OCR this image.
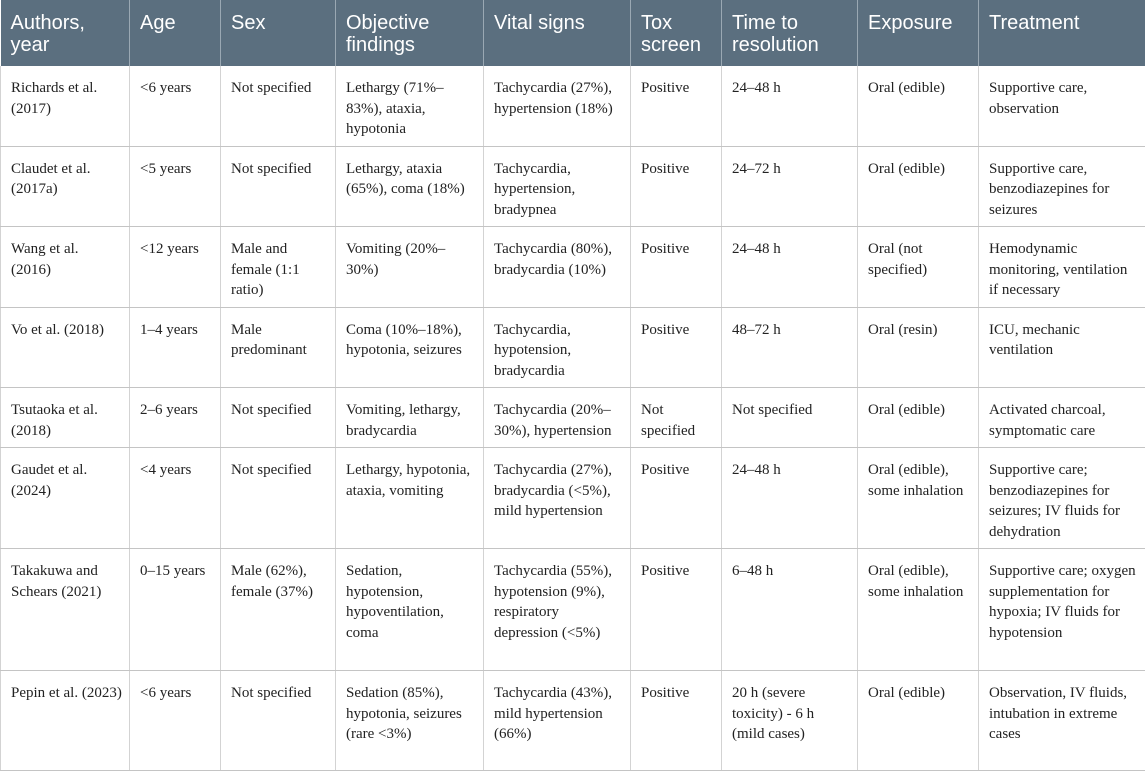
Authors, year	Age	Sex	Objective findings	Vital signs	Tox screen	Time to resolution	Exposure	Treatment
Richards et al. (2017)	<6 years	Not specified	Lethargy (71%–83%), ataxia, hypotonia	Tachycardia (27%), hypertension (18%)	Positive	24–48 h	Oral (edible)	Supportive care, observation
Claudet et al. (2017a)	<5 years	Not specified	Lethargy, ataxia (65%), coma (18%)	Tachycardia, hypertension, bradypnea	Positive	24–72 h	Oral (edible)	Supportive care, benzodiazepines for seizures
Wang et al. (2016)	<12 years	Male and female (1:1 ratio)	Vomiting (20%–30%)	Tachycardia (80%), bradycardia (10%)	Positive	24–48 h	Oral (not specified)	Hemodynamic monitoring, ventilation if necessary
Vo et al. (2018)	1–4 years	Male predominant	Coma (10%–18%), hypotonia, seizures	Tachycardia, hypotension, bradycardia	Positive	48–72 h	Oral (resin)	ICU, mechanic ventilation
Tsutaoka et al. (2018)	2–6 years	Not specified	Vomiting, lethargy, bradycardia	Tachycardia (20%–30%), hypertension	Not specified	Not specified	Oral (edible)	Activated charcoal, symptomatic care
Gaudet et al. (2024)	<4 years	Not specified	Lethargy, hypotonia, ataxia, vomiting	Tachycardia (27%), bradycardia (<5%), mild hypertension	Positive	24–48 h	Oral (edible), some inhalation	Supportive care; benzodiazepines for seizures; IV fluids for dehydration
Takakuwa and Schears (2021)	0–15 years	Male (62%), female (37%)	Sedation, hypotension, hypoventilation, coma	Tachycardia (55%), hypotension (9%), respiratory depression (<5%)	Positive	6–48 h	Oral (edible), some inhalation	Supportive care; oxygen supplementation for hypoxia; IV fluids for hypotension
Pepin et al. (2023)	<6 years	Not specified	Sedation (85%), hypotonia, seizures (rare <3%)	Tachycardia (43%), mild hypertension (66%)	Positive	20 h (severe toxicity) - 6 h (mild cases)	Oral (edible)	Observation, IV fluids, intubation in extreme cases
